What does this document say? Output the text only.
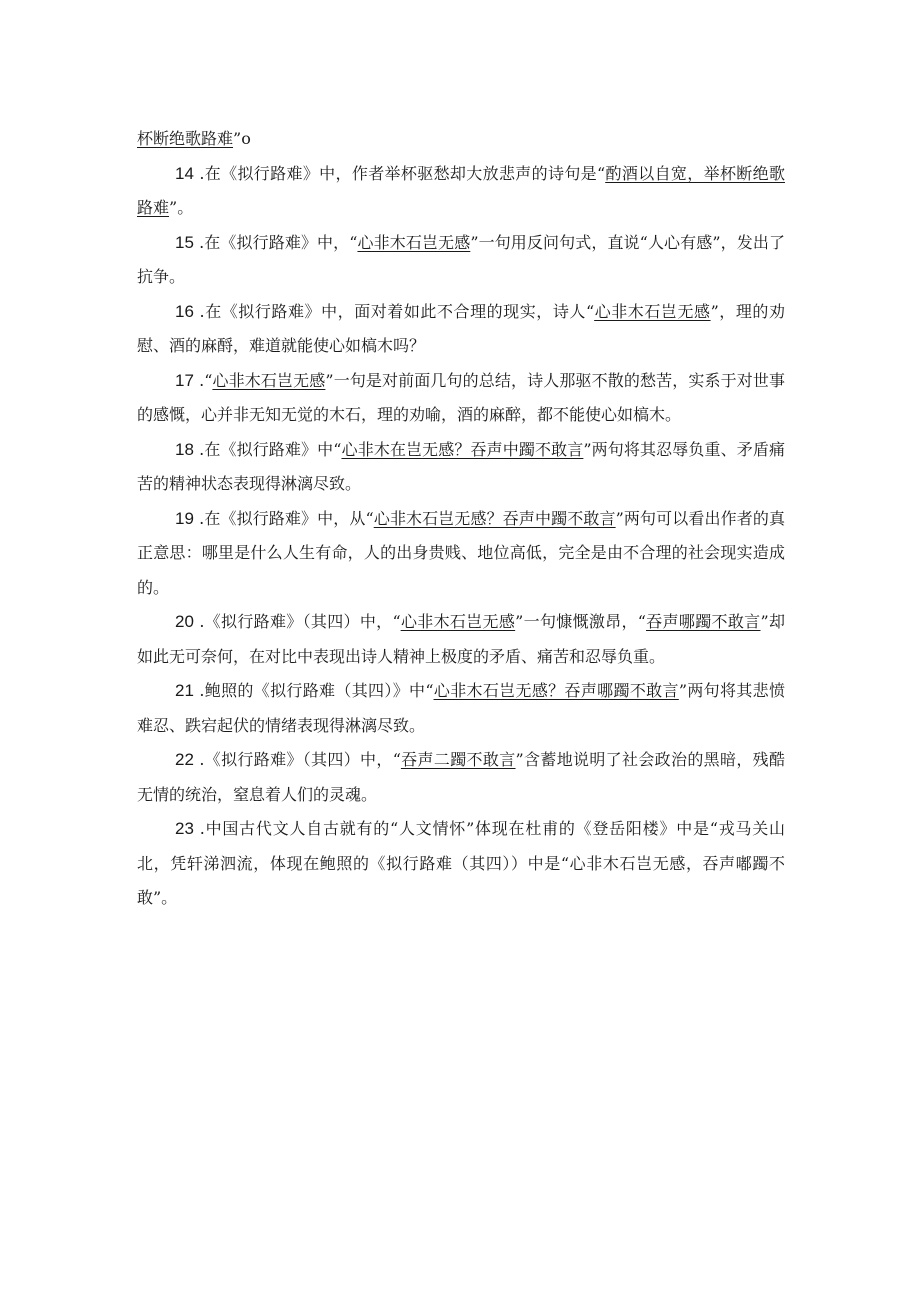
杯断绝歌路难”o

14 .在《拟行路难》中，作者举杯驱愁却大放悲声的诗句是“酌酒以自宽，举杯断绝歌路难”。

15 .在《拟行路难》中，“心非木石岂无感”一句用反问句式，直说“人心有感”，发出了抗争。

16 .在《拟行路难》中，面对着如此不合理的现实，诗人“心非木石岂无感”，理的劝慰、酒的麻酹，难道就能使心如槁木吗？

17 .“心非木石岂无感”一句是对前面几句的总结，诗人那驱不散的愁苦，实系于对世事的感慨，心并非无知无觉的木石，理的劝喻，酒的麻醉，都不能使心如槁木。

18 .在《拟行路难》中“心非木在岂无感？吞声中躅不敢言”两句将其忍辱负重、矛盾痛苦的精神状态表现得淋漓尽致。

19 .在《拟行路难》中，从“心非木石岂无感？吞声中躅不敢言”两句可以看出作者的真正意思：哪里是什么人生有命，人的出身贵贱、地位高低，完全是由不合理的社会现实造成的。

20 .《拟行路难》（其四）中，“心非木石岂无感”一句慷慨激昂，“吞声哪躅不敢言”却如此无可奈何，在对比中表现出诗人精神上极度的矛盾、痛苦和忍辱负重。

21 .鲍照的《拟行路难（其四）》中“心非木石岂无感？吞声哪躅不敢言”两句将其悲愤难忍、跌宕起伏的情绪表现得淋漓尽致。

22 .《拟行路难》（其四）中，“吞声二躅不敢言”含蓄地说明了社会政治的黑暗，残酷无情的统治，窒息着人们的灵魂。

23 .中国古代文人自古就有的“人文情怀”体现在杜甫的《登岳阳楼》中是“戎马关山北，凭轩涕泗流，体现在鲍照的《拟行路难（其四））中是“心非木石岂无感，吞声嘟躅不敢”。
